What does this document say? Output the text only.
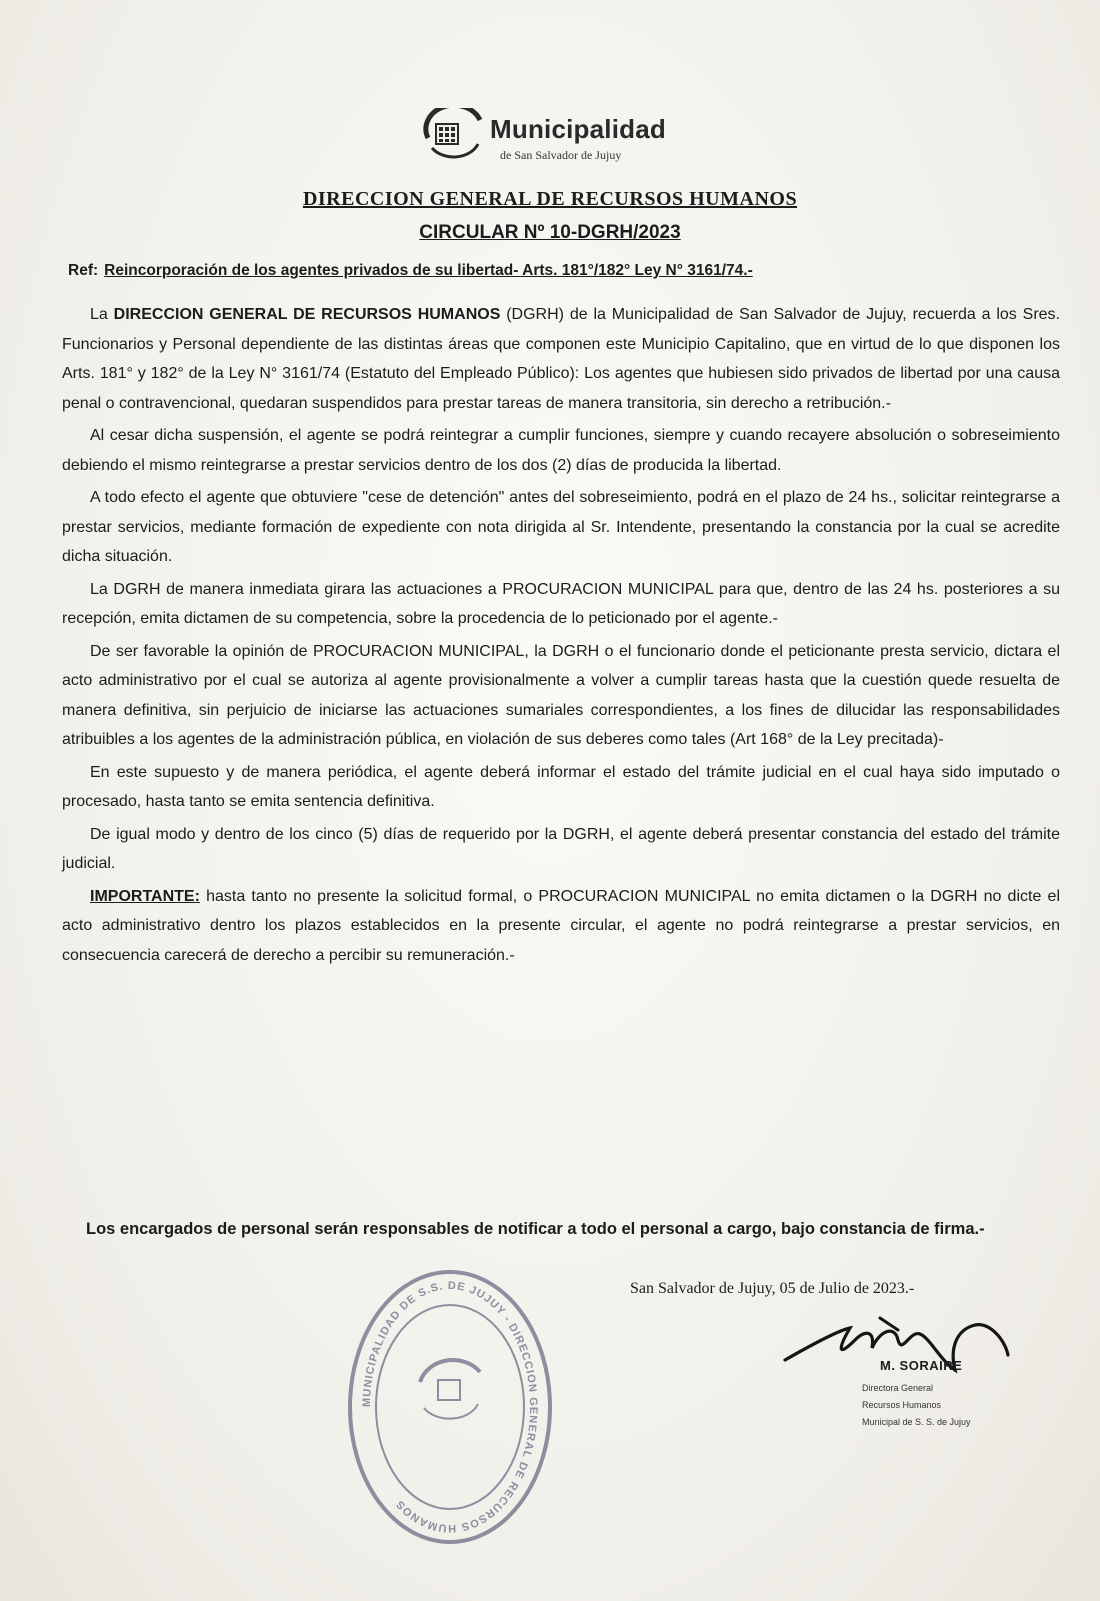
Municipalidad
de San Salvador de Jujuy
DIRECCION GENERAL DE RECURSOS HUMANOS
CIRCULAR Nº 10-DGRH/2023
Ref: Reincorporación de los agentes privados de su libertad- Arts. 181°/182° Ley N° 3161/74.-

La DIRECCION GENERAL DE RECURSOS HUMANOS (DGRH) de la Municipalidad de San Salvador de Jujuy, recuerda a los Sres. Funcionarios y Personal dependiente de las distintas áreas que componen este Municipio Capitalino, que en virtud de lo que disponen los Arts. 181° y 182° de la Ley N° 3161/74 (Estatuto del Empleado Público): Los agentes que hubiesen sido privados de libertad por una causa penal o contravencional, quedaran suspendidos para prestar tareas de manera transitoria, sin derecho a retribución.-

Al cesar dicha suspensión, el agente se podrá reintegrar a cumplir funciones, siempre y cuando recayere absolución o sobreseimiento debiendo el mismo reintegrarse a prestar servicios dentro de los dos (2) días de producida la libertad.

A todo efecto el agente que obtuviere "cese de detención" antes del sobreseimiento, podrá en el plazo de 24 hs., solicitar reintegrarse a prestar servicios, mediante formación de expediente con nota dirigida al Sr. Intendente, presentando la constancia por la cual se acredite dicha situación.

La DGRH de manera inmediata girara las actuaciones a PROCURACION MUNICIPAL para que, dentro de las 24 hs. posteriores a su recepción, emita dictamen de su competencia, sobre la procedencia de lo peticionado por el agente.-

De ser favorable la opinión de PROCURACION MUNICIPAL, la DGRH o el funcionario donde el peticionante presta servicio, dictara el acto administrativo por el cual se autoriza al agente provisionalmente a volver a cumplir tareas hasta que la cuestión quede resuelta de manera definitiva, sin perjuicio de iniciarse las actuaciones sumariales correspondientes, a los fines de dilucidar las responsabilidades atribuibles a los agentes de la administración pública, en violación de sus deberes como tales (Art 168° de la Ley precitada)-

En este supuesto y de manera periódica, el agente deberá informar el estado del trámite judicial en el cual haya sido imputado o procesado, hasta tanto se emita sentencia definitiva.

De igual modo y dentro de los cinco (5) días de requerido por la DGRH, el agente deberá presentar constancia del estado del trámite judicial.

IMPORTANTE: hasta tanto no presente la solicitud formal, o PROCURACION MUNICIPAL no emita dictamen o la DGRH no dicte el acto administrativo dentro los plazos establecidos en la presente circular, el agente no podrá reintegrarse a prestar servicios, en consecuencia carecerá de derecho a percibir su remuneración.-

Los encargados de personal serán responsables de notificar a todo el personal a cargo, bajo constancia de firma.-
San Salvador de Jujuy, 05 de Julio de 2023.-
MUNICIPALIDAD DE S.S. DE JUJUY - DIRECCION GENERAL DE RECURSOS HUMANOS
M. SORAIRE
Directora General
Recursos Humanos
Municipal de S. S. de Jujuy
